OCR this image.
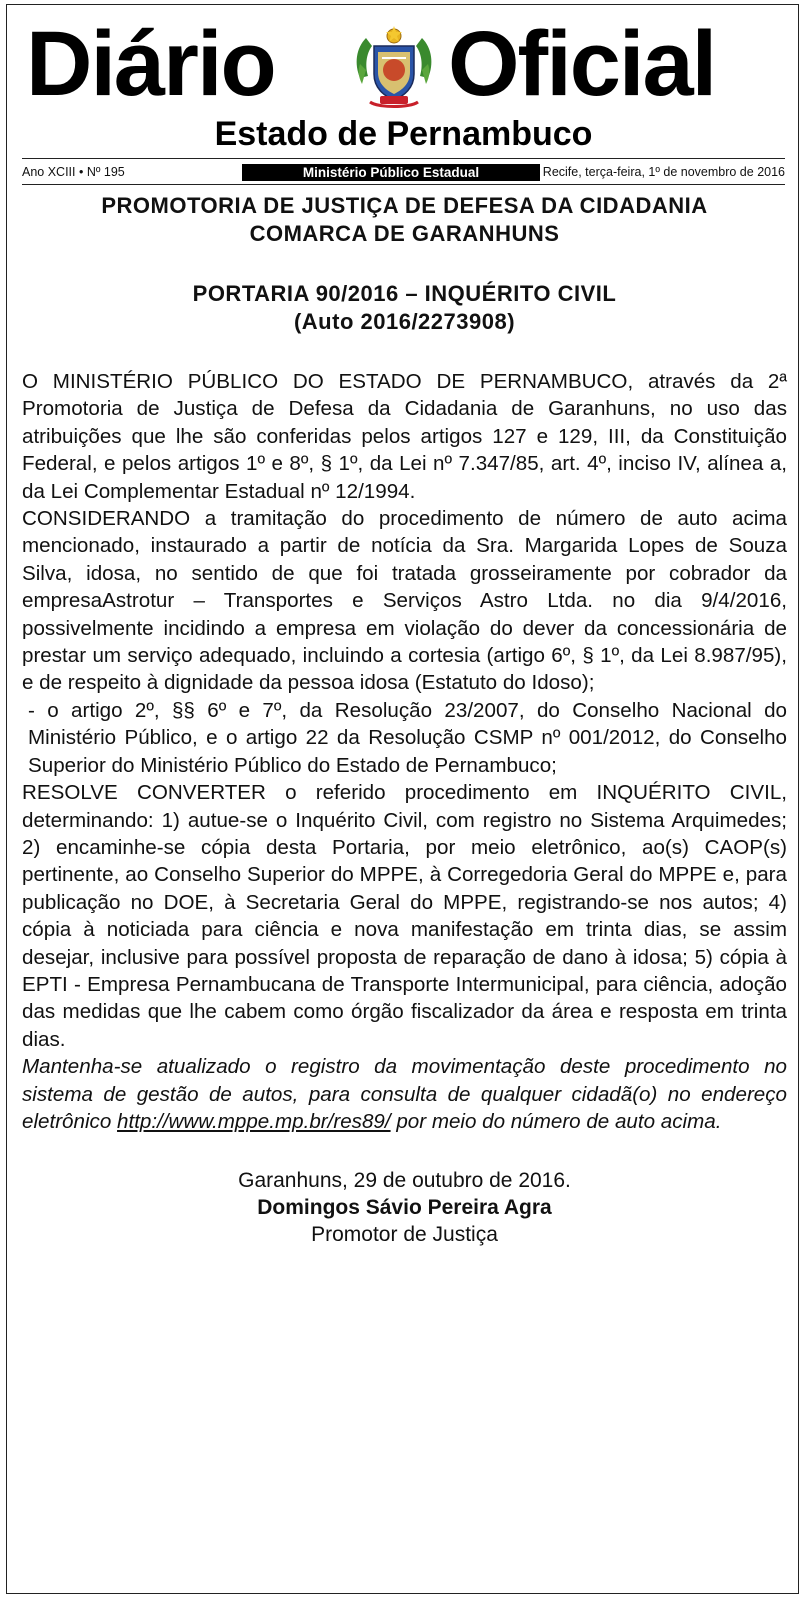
Diário Oficial
Estado de Pernambuco
Ano XCIII • Nº 195	Ministério Público Estadual	Recife, terça-feira, 1º de novembro de 2016
PROMOTORIA DE JUSTIÇA DE DEFESA DA CIDADANIA
COMARCA DE GARANHUNS
PORTARIA 90/2016 – INQUÉRITO CIVIL
(Auto 2016/2273908)

O MINISTÉRIO PÚBLICO DO ESTADO DE PERNAMBUCO, através da 2ª Promotoria de Justiça de Defesa da Cidadania de Garanhuns, no uso das atribuições que lhe são conferidas pelos artigos 127 e 129, III, da Constituição Federal, e pelos artigos 1º e 8º, § 1º, da Lei nº 7.347/85, art. 4º, inciso IV, alínea a, da Lei Complementar Estadual nº 12/1994.

CONSIDERANDO a tramitação do procedimento de número de auto acima mencionado, instaurado a partir de notícia da Sra. Margarida Lopes de Souza Silva, idosa, no sentido de que foi tratada grosseiramente por cobrador da empresaAstrotur – Transportes e Serviços Astro Ltda. no dia 9/4/2016, possivelmente incidindo a empresa em violação do dever da concessionária de prestar um serviço adequado, incluindo a cortesia (artigo 6º, § 1º, da Lei 8.987/95), e de respeito à dignidade da pessoa idosa (Estatuto do Idoso);

- o artigo 2º, §§ 6º e 7º, da Resolução 23/2007, do Conselho Nacional do Ministério Público, e o artigo 22 da Resolução CSMP nº 001/2012, do Conselho Superior do Ministério Público do Estado de Pernambuco;

RESOLVE CONVERTER o referido procedimento em INQUÉRITO CIVIL, determinando: 1) autue-se o Inquérito Civil, com registro no Sistema Arquimedes; 2) encaminhe-se cópia desta Portaria, por meio eletrônico, ao(s) CAOP(s) pertinente, ao Conselho Superior do MPPE, à Corregedoria Geral do MPPE e, para publicação no DOE, à Secretaria Geral do MPPE, registrando-se nos autos; 4) cópia à noticiada para ciência e nova manifestação em trinta dias, se assim desejar, inclusive para possível proposta de reparação de dano à idosa; 5) cópia à EPTI - Empresa Pernambucana de Transporte Intermunicipal, para ciência, adoção das medidas que lhe cabem como órgão fiscalizador da área e resposta em trinta dias.

Mantenha-se atualizado o registro da movimentação deste procedimento no sistema de gestão de autos, para consulta de qualquer cidadã(o) no endereço eletrônico http://www.mppe.mp.br/res89/ por meio do número de auto acima.

Garanhuns, 29 de outubro de 2016.
Domingos Sávio Pereira Agra
Promotor de Justiça
